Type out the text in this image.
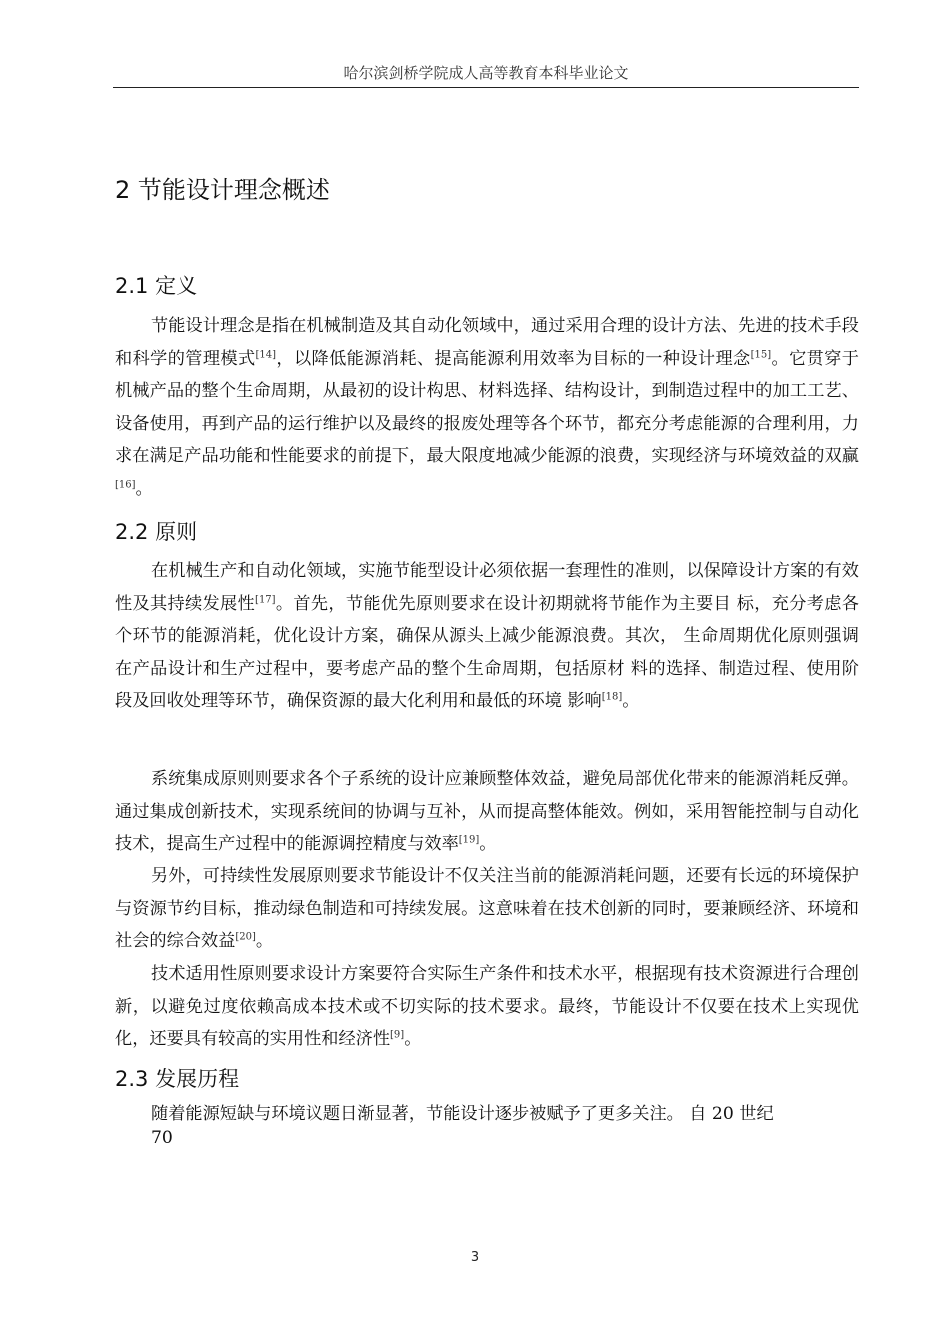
哈尔滨剑桥学院成人高等教育本科毕业论文
2 节能设计理念概述
2.1 定义

节能设计理念是指在机械制造及其自动化领域中，通过采用合理的设计方法、先进的技术手段和科学的管理模式[14]，以降低能源消耗、提高能源利用效率为目标的一种设计理念[15]。它贯穿于机械产品的整个生命周期，从最初的设计构思、材料选择、结构设计，到制造过程中的加工工艺、设备使用，再到产品的运行维护以及最终的报废处理等各个环节，都充分考虑能源的合理利用，力求在满足产品功能和性能要求的前提下，最大限度地减少能源的浪费，实现经济与环境效益的双赢[16]。

2.2 原则

在机械生产和自动化领域，实施节能型设计必须依据一套理性的准则，以保障设计方案的有效性及其持续发展性[17]。首先，节能优先原则要求在设计初期就将节能作为主要目 标，充分考虑各个环节的能源消耗，优化设计方案，确保从源头上减少能源浪费。其次， 生命周期优化原则强调在产品设计和生产过程中，要考虑产品的整个生命周期，包括原材 料的选择、制造过程、使用阶段及回收处理等环节，确保资源的最大化利用和最低的环境 影响[18]。

系统集成原则则要求各个子系统的设计应兼顾整体效益，避免局部优化带来的能源消耗反弹。通过集成创新技术，实现系统间的协调与互补，从而提高整体能效。例如，采用智能控制与自动化技术，提高生产过程中的能源调控精度与效率[19]。

另外，可持续性发展原则要求节能设计不仅关注当前的能源消耗问题，还要有长远的环境保护与资源节约目标，推动绿色制造和可持续发展。这意味着在技术创新的同时，要兼顾经济、环境和社会的综合效益[20]。

技术适用性原则要求设计方案要符合实际生产条件和技术水平，根据现有技术资源进行合理创新，以避免过度依赖高成本技术或不切实际的技术要求。最终，节能设计不仅要在技术上实现优化，还要具有较高的实用性和经济性[9]。

2.3 发展历程

随着能源短缺与环境议题日渐显著，节能设计逐步被赋予了更多关注。 自 20 世纪
70

3
